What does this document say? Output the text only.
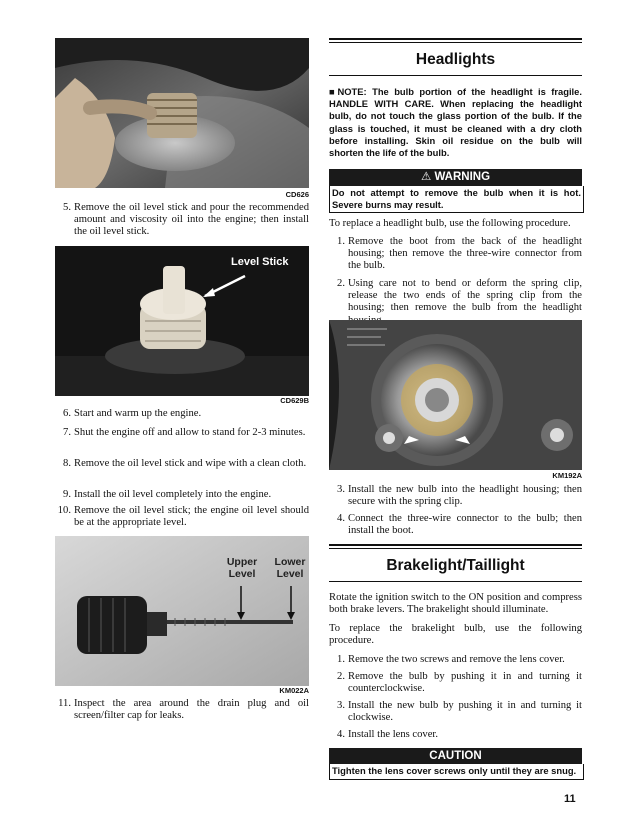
CD626
5. Remove the oil level stick and pour the recommended amount and viscosity oil into the engine; then install the oil level stick.
Level Stick
CD629B
6. Start and warm up the engine.
7. Shut the engine off and allow to stand for 2-3 minutes.
8. Remove the oil level stick and wipe with a clean cloth.
9. Install the oil level completely into the engine.
10. Remove the oil level stick; the engine oil level should be at the appropriate level.
Upper
Level
Lower
Level
KM022A
11. Inspect the area around the drain plug and oil screen/filter cap for leaks.
Headlights
■NOTE: The bulb portion of the headlight is fragile. HANDLE WITH CARE. When replacing the headlight bulb, do not touch the glass portion of the bulb. If the glass is touched, it must be cleaned with a dry cloth before installing. Skin oil residue on the bulb will shorten the life of the bulb.
⚠ WARNING
Do not attempt to remove the bulb when it is hot. Severe burns may result.
To replace a headlight bulb, use the following procedure.
1. Remove the boot from the back of the headlight housing; then remove the three-wire connector from the bulb.
2. Using care not to bend or deform the spring clip, release the two ends of the spring clip from the housing; then remove the bulb from the headlight
KM192A
3. Install the new bulb into the headlight housing; then secure with the spring clip.
4. Connect the three-wire connector to the bulb; then install the boot.
Brakelight/Taillight
Rotate the ignition switch to the ON position and compress both brake levers. The brakelight should illuminate.
To replace the brakelight bulb, use the following procedure.
1. Remove the two screws and remove the lens cover.
2. Remove the bulb by pushing it in and turning it counterclockwise.
3. Install the new bulb by pushing it in and turning it clockwise.
4. Install the lens cover.
CAUTION
Tighten the lens cover screws only until they are snug.
11
